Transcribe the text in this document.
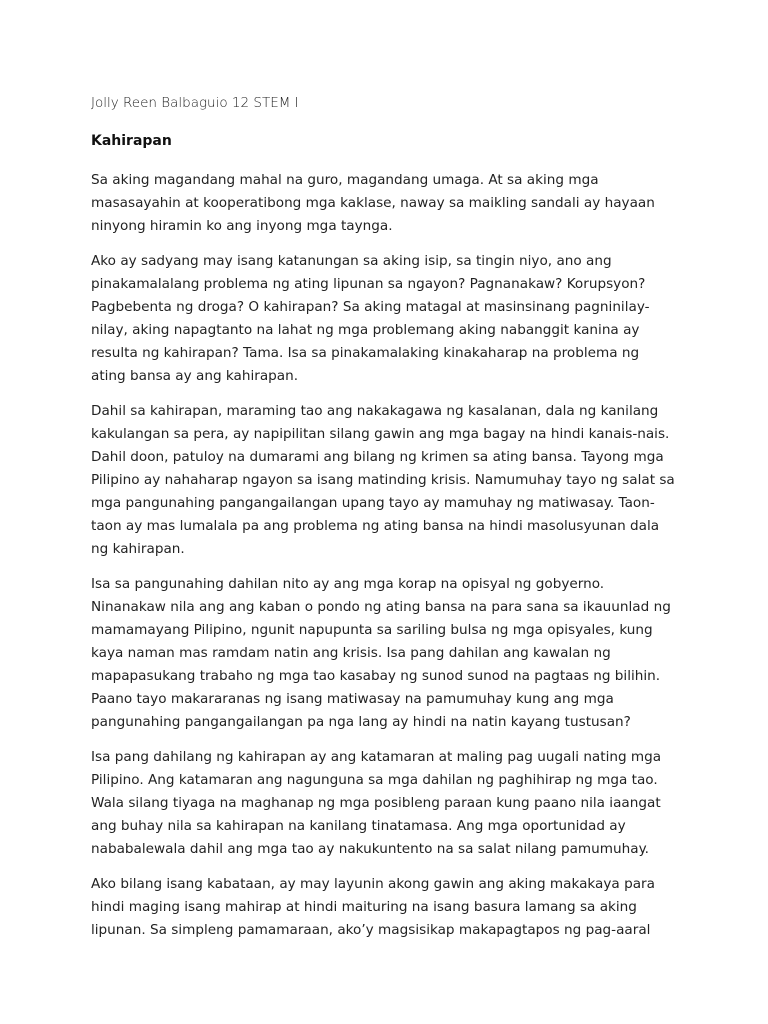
Jolly Reen Balbaguio 12 STEM I
Kahirapan
Sa aking magandang mahal na guro, magandang umaga. At sa aking mga
masasayahin at kooperatibong mga kaklase, naway sa maikling sandali ay hayaan
ninyong hiramin ko ang inyong mga taynga.
Ako ay sadyang may isang katanungan sa aking isip, sa tingin niyo, ano ang
pinakamalalang problema ng ating lipunan sa ngayon? Pagnanakaw? Korupsyon?
Pagbebenta ng droga? O kahirapan? Sa aking matagal at masinsinang pagninilay-
nilay, aking napagtanto na lahat ng mga problemang aking nabanggit kanina ay
resulta ng kahirapan? Tama. Isa sa pinakamalaking kinakaharap na problema ng
ating bansa ay ang kahirapan.
Dahil sa kahirapan, maraming tao ang nakakagawa ng kasalanan, dala ng kanilang
kakulangan sa pera, ay napipilitan silang gawin ang mga bagay na hindi kanais-nais.
Dahil doon, patuloy na dumarami ang bilang ng krimen sa ating bansa. Tayong mga
Pilipino ay nahaharap ngayon sa isang matinding krisis. Namumuhay tayo ng salat sa
mga pangunahing pangangailangan upang tayo ay mamuhay ng matiwasay. Taon-
taon ay mas lumalala pa ang problema ng ating bansa na hindi masolusyunan dala
ng kahirapan.
Isa sa pangunahing dahilan nito ay ang mga korap na opisyal ng gobyerno.
Ninanakaw nila ang ang kaban o pondo ng ating bansa na para sana sa ikauunlad ng
mamamayang Pilipino, ngunit napupunta sa sariling bulsa ng mga opisyales, kung
kaya naman mas ramdam natin ang krisis. Isa pang dahilan ang kawalan ng
mapapasukang trabaho ng mga tao kasabay ng sunod sunod na pagtaas ng bilihin.
Paano tayo makararanas ng isang matiwasay na pamumuhay kung ang mga
pangunahing pangangailangan pa nga lang ay hindi na natin kayang tustusan?
Isa pang dahilang ng kahirapan ay ang katamaran at maling pag uugali nating mga
Pilipino. Ang katamaran ang nagunguna sa mga dahilan ng paghihirap ng mga tao.
Wala silang tiyaga na maghanap ng mga posibleng paraan kung paano nila iaangat
ang buhay nila sa kahirapan na kanilang tinatamasa. Ang mga oportunidad ay
nababalewala dahil ang mga tao ay nakukuntento na sa salat nilang pamumuhay.
Ako bilang isang kabataan, ay may layunin akong gawin ang aking makakaya para
hindi maging isang mahirap at hindi maituring na isang basura lamang sa aking
lipunan. Sa simpleng pamamaraan, ako’y magsisikap makapagtapos ng pag-aaral
